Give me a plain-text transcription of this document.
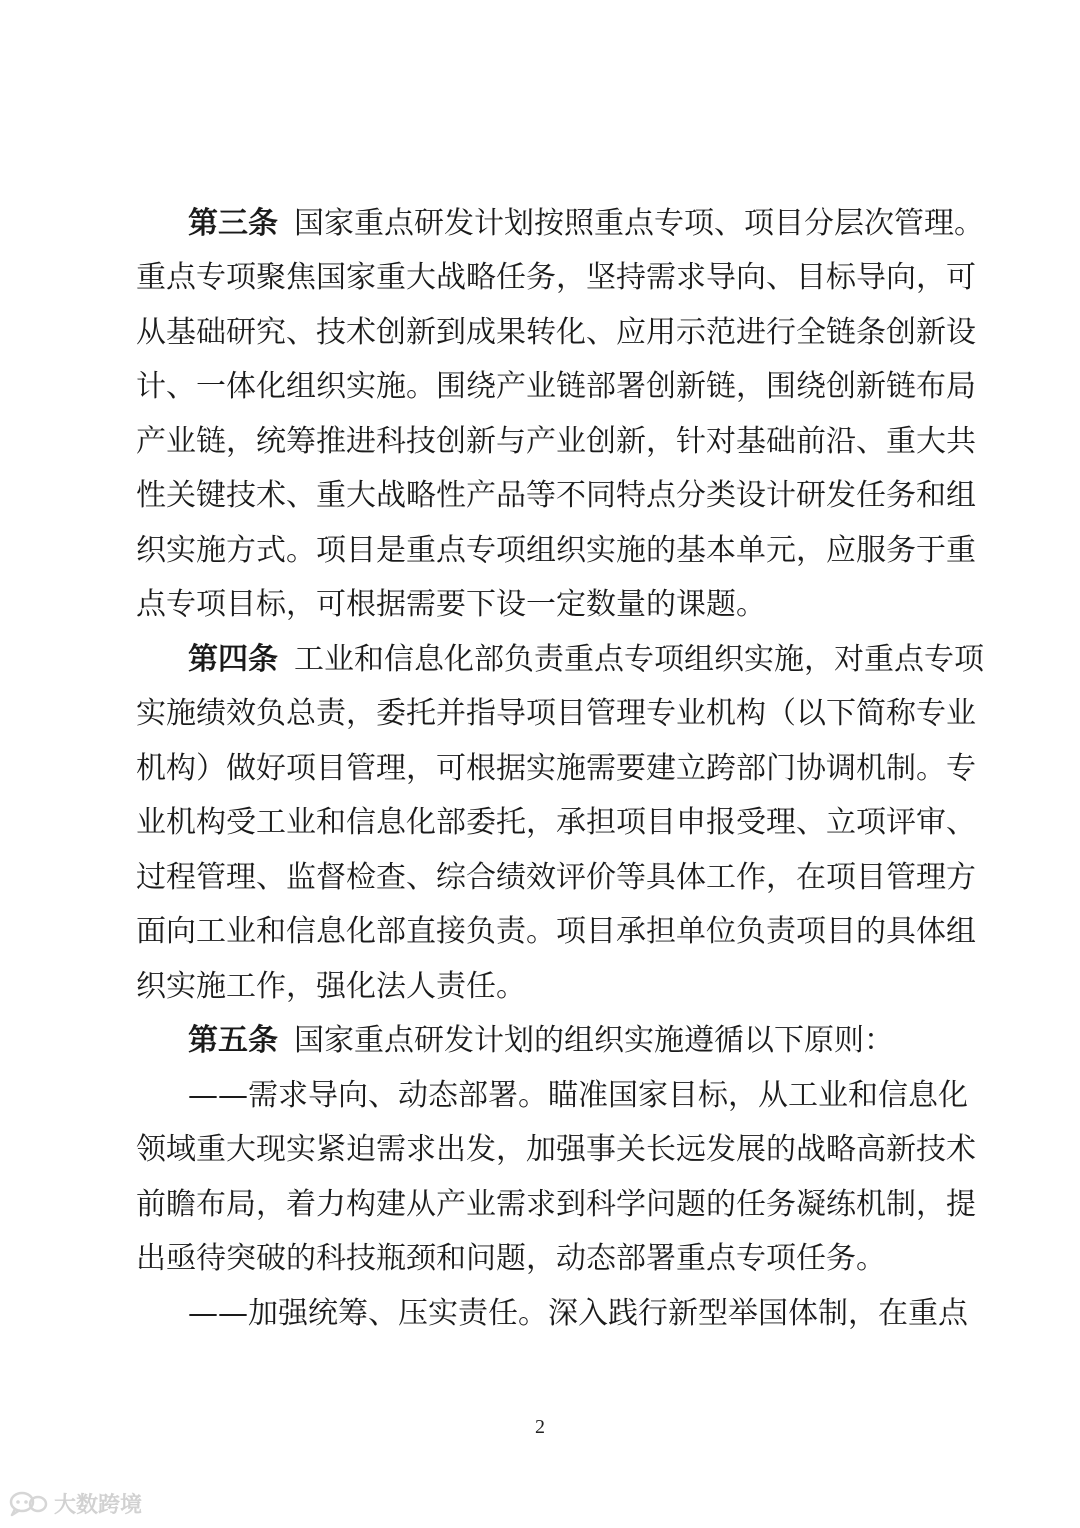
第三条 国家重点研发计划按照重点专项、项目分层次管理。
重点专项聚焦国家重大战略任务，坚持需求导向、目标导向，可
从基础研究、技术创新到成果转化、应用示范进行全链条创新设
计、一体化组织实施。围绕产业链部署创新链，围绕创新链布局
产业链，统筹推进科技创新与产业创新，针对基础前沿、重大共
性关键技术、重大战略性产品等不同特点分类设计研发任务和组
织实施方式。项目是重点专项组织实施的基本单元，应服务于重
点专项目标，可根据需要下设一定数量的课题。
第四条 工业和信息化部负责重点专项组织实施，对重点专项
实施绩效负总责，委托并指导项目管理专业机构（以下简称专业
机构）做好项目管理，可根据实施需要建立跨部门协调机制。专
业机构受工业和信息化部委托，承担项目申报受理、立项评审、
过程管理、监督检查、综合绩效评价等具体工作，在项目管理方
面向工业和信息化部直接负责。项目承担单位负责项目的具体组
织实施工作，强化法人责任。
第五条 国家重点研发计划的组织实施遵循以下原则：
——需求导向、动态部署。瞄准国家目标，从工业和信息化
领域重大现实紧迫需求出发，加强事关长远发展的战略高新技术
前瞻布局，着力构建从产业需求到科学问题的任务凝练机制，提
出亟待突破的科技瓶颈和问题，动态部署重点专项任务。
——加强统筹、压实责任。深入践行新型举国体制，在重点
2
大数跨境
